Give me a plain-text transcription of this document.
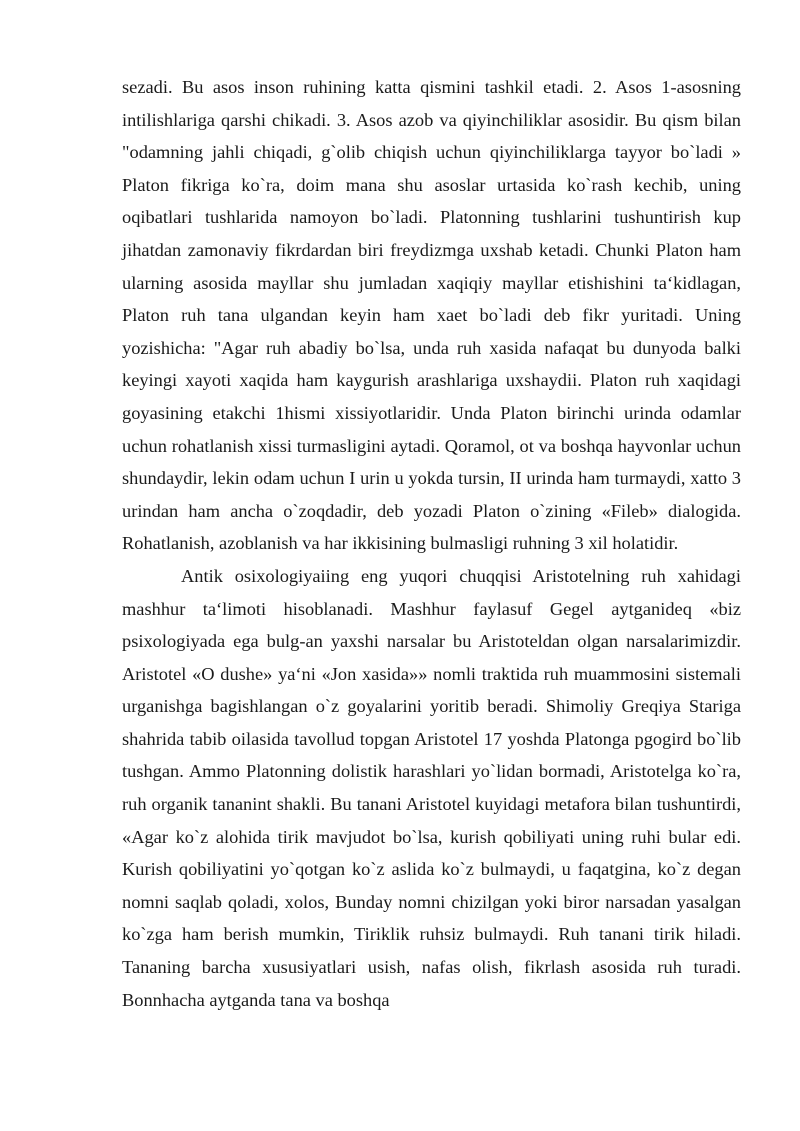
sezadi. Bu asos inson ruhining katta qismini tashkil etadi. 2. Asos 1-asosning intilishlariga qarshi chikadi. 3. Asos azob va qiyinchiliklar asosidir. Bu qism bilan "odamning jahli chiqadi, g`olib chiqish uchun qiyinchiliklarga tayyor bo`ladi » Platon fikriga ko`ra, doim mana shu asoslar urtasida ko`rash kechib, uning oqibatlari tushlarida namoyon bo`ladi. Platonning tushlarini tushuntirish kup jihatdan zamonaviy fikrdardan biri freydizmga uxshab ketadi. Chunki Platon ham ularning asosida mayllar shu jumladan xaqiqiy mayllar etishishini ta‘kidlagan, Platon ruh tana ulgandan keyin ham xaet bo`ladi deb fikr yuritadi. Uning yozishicha: "Agar ruh abadiy bo`lsa, unda ruh xasida nafaqat bu dunyoda balki keyingi xayoti xaqida ham kaygurish arashlariga uxshaydii. Platon ruh xaqidagi goyasining etakchi 1hismi xissiyotlaridir. Unda Platon birinchi urinda odamlar uchun rohatlanish xissi turmasligini aytadi. Qoramol, ot va boshqa hayvonlar uchun shundaydir, lekin odam uchun I urin u yokda tursin, II urinda ham turmaydi, xatto 3 urindan ham ancha o`zoqdadir, deb yozadi Platon o`zining «Fileb» dialogida. Rohatlanish, azoblanish va har ikkisining bulmasligi ruhning 3 xil holatidir.

Antik osixologiyaiing eng yuqori chuqqisi Aristotelning ruh xahidagi mashhur ta‘limoti hisoblanadi. Mashhur faylasuf Gegel aytganideq «biz psixologiyada ega bulg-an yaxshi narsalar bu Aristoteldan olgan narsalarimizdir. Aristotel «O dushe» ya‘ni «Jon xasida»» nomli traktida ruh muammosini sistemali urganishga bagishlangan o`z goyalarini yoritib beradi. Shimoliy Greqiya Stariga shahrida tabib oilasida tavollud topgan Aristotel 17 yoshda Platonga pgogird bo`lib tushgan. Ammo Platonning dolistik harashlari yo`lidan bormadi, Aristotelga ko`ra, ruh organik tananint shakli. Bu tanani Aristotel kuyidagi metafora bilan tushuntirdi, «Agar ko`z alohida tirik mavjudot bo`lsa, kurish qobiliyati uning ruhi bular edi. Kurish qobiliyatini yo`qotgan ko`z aslida ko`z bulmaydi, u faqatgina, ko`z degan nomni saqlab qoladi, xolos, Bunday nomni chizilgan yoki biror narsadan yasalgan ko`zga ham berish mumkin, Tiriklik ruhsiz bulmaydi. Ruh tanani tirik hiladi. Tananing barcha xususiyatlari usish, nafas olish, fikrlash asosida ruh turadi. Bonnhacha aytganda tana va boshqa
